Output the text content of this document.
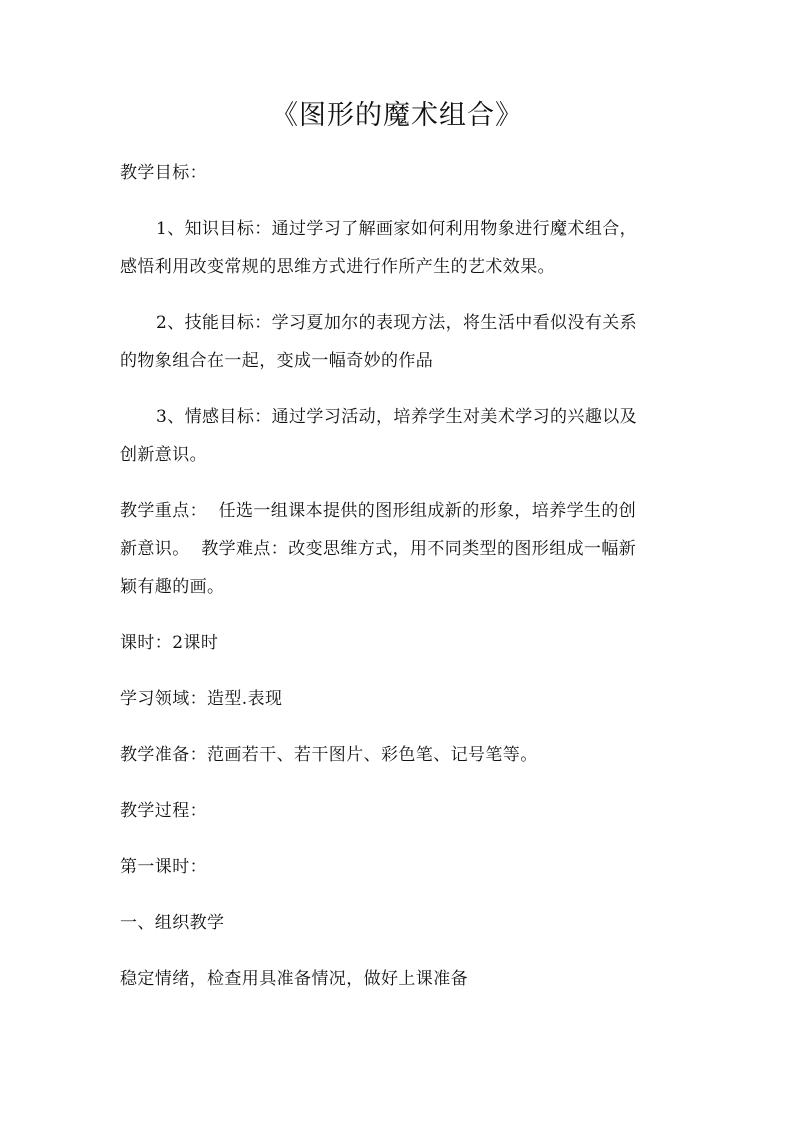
《图形的魔术组合》

教学目标：

1、知识目标：通过学习了解画家如何利用物象进行魔术组合，
感悟利用改变常规的思维方式进行作所产生的艺术效果。

2、技能目标：学习夏加尔的表现方法，将生活中看似没有关系
的物象组合在一起，变成一幅奇妙的作品

3、情感目标：通过学习活动，培养学生对美术学习的兴趣以及
创新意识。

教学重点：  任选一组课本提供的图形组成新的形象，培养学生的创
新意识。  教学难点：改变思维方式，用不同类型的图形组成一幅新
颖有趣的画。

课时：2课时

学习领域：造型.表现

教学准备：范画若干、若干图片、彩色笔、记号笔等。

教学过程：

第一课时：

一、组织教学

稳定情绪，检查用具准备情况，做好上课准备
